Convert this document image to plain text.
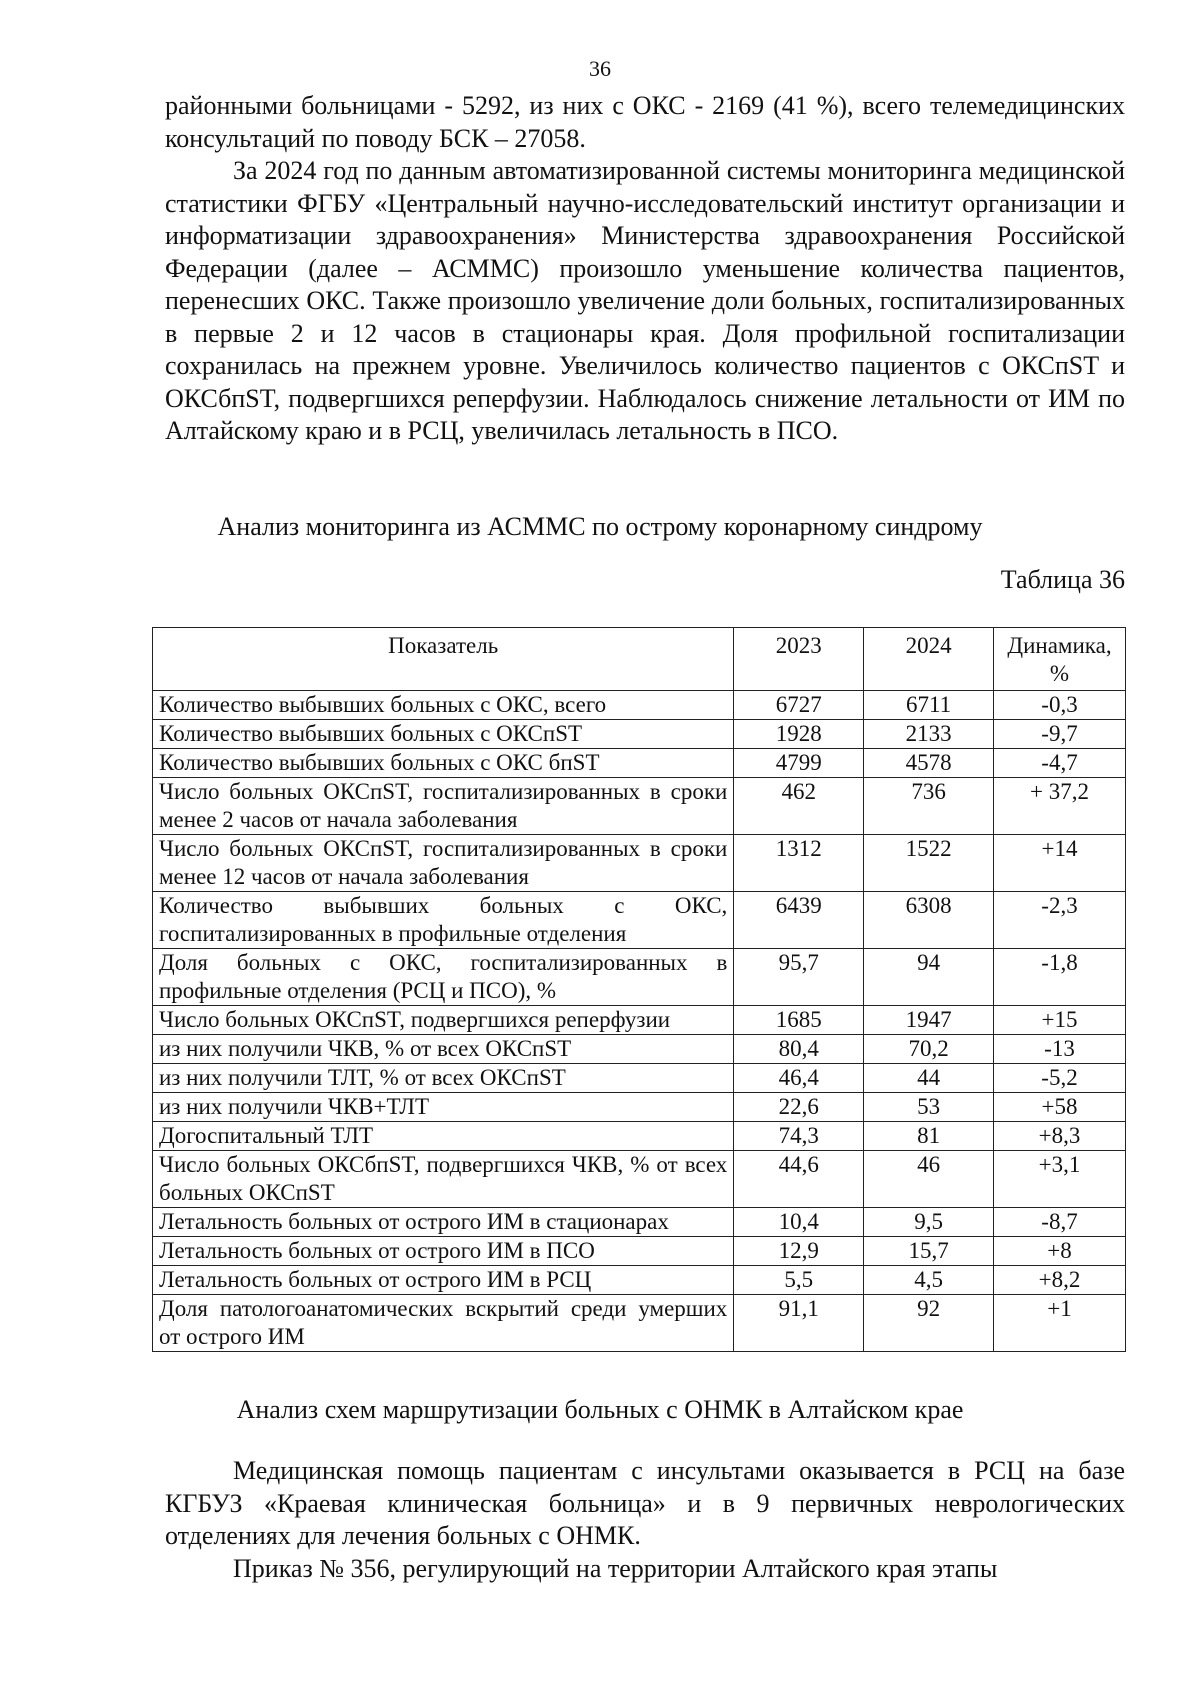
36

районными больницами - 5292, из них с ОКС - 2169 (41 %), всего телемедицинских консультаций по поводу БСК – 27058.

За 2024 год по данным автоматизированной системы мониторинга медицинской статистики ФГБУ «Центральный научно-исследовательский институт организации и информатизации здравоохранения» Министерства здравоохранения Российской Федерации (далее – АСММС) произошло уменьшение количества пациентов, перенесших ОКС. Также произошло увеличение доли больных, госпитализированных в первые 2 и 12 часов в стационары края. Доля профильной госпитализации сохранилась на прежнем уровне. Увеличилось количество пациентов с ОКСпST и ОКСбпST, подвергшихся реперфузии. Наблюдалось снижение летальности от ИМ по Алтайскому краю и в РСЦ, увеличилась летальность в ПСО.

Анализ мониторинга из АСММС по острому коронарному синдрому
Таблица 36
Показатель	2023	2024	Динамика, %
Количество выбывших больных с ОКС, всего	6727	6711	-0,3
Количество выбывших больных с ОКСпST	1928	2133	-9,7
Количество выбывших больных с ОКС бпST	4799	4578	-4,7
Число больных ОКСпST, госпитализированных в сроки менее 2 часов от начала заболевания	462	736	+ 37,2
Число больных ОКСпST, госпитализированных в сроки менее 12 часов от начала заболевания	1312	1522	+14
Количество выбывших больных с ОКС, госпитализированных в профильные отделения	6439	6308	-2,3
Доля больных с ОКС, госпитализированных в профильные отделения (РСЦ и ПСО), %	95,7	94	-1,8
Число больных ОКСпST, подвергшихся реперфузии	1685	1947	+15
из них получили ЧКВ, % от всех ОКСпST	80,4	70,2	-13
из них получили ТЛТ, % от всех ОКСпST	46,4	44	-5,2
из них получили ЧКВ+ТЛТ	22,6	53	+58
Догоспитальный ТЛТ	74,3	81	+8,3
Число больных ОКСбпST, подвергшихся ЧКВ, % от всех больных ОКСпST	44,6	46	+3,1
Летальность больных от острого ИМ в стационарах	10,4	9,5	-8,7
Летальность больных от острого ИМ в ПСО	12,9	15,7	+8
Летальность больных от острого ИМ в РСЦ	5,5	4,5	+8,2
Доля патологоанатомических вскрытий среди умерших от острого ИМ	91,1	92	+1
Анализ схем маршрутизации больных с ОНМК в Алтайском крае

Медицинская помощь пациентам с инсультами оказывается в РСЦ на базе КГБУЗ «Краевая клиническая больница» и в 9 первичных неврологических отделениях для лечения больных с ОНМК.

Приказ № 356, регулирующий на территории Алтайского края этапы
